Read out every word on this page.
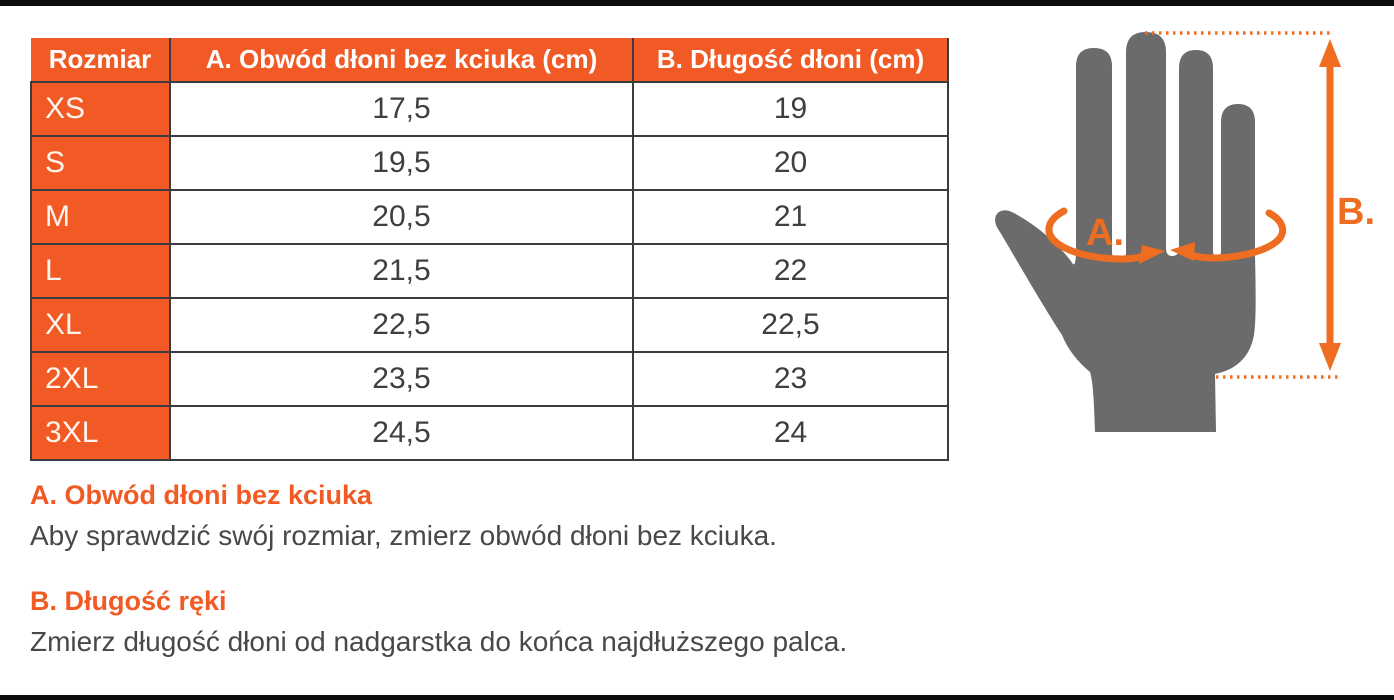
Rozmiar	A. Obwód dłoni bez kciuka (cm)	B. Długość dłoni (cm)
XS	17,5	19
S	19,5	20
M	20,5	21
L	21,5	22
XL	22,5	22,5
2XL	23,5	23
3XL	24,5	24
A. Obwód dłoni bez kciuka

Aby sprawdzić swój rozmiar, zmierz obwód dłoni bez kciuka.

B. Długość ręki

Zmierz długość dłoni od nadgarstka do końca najdłuższego palca.

A.	B.
